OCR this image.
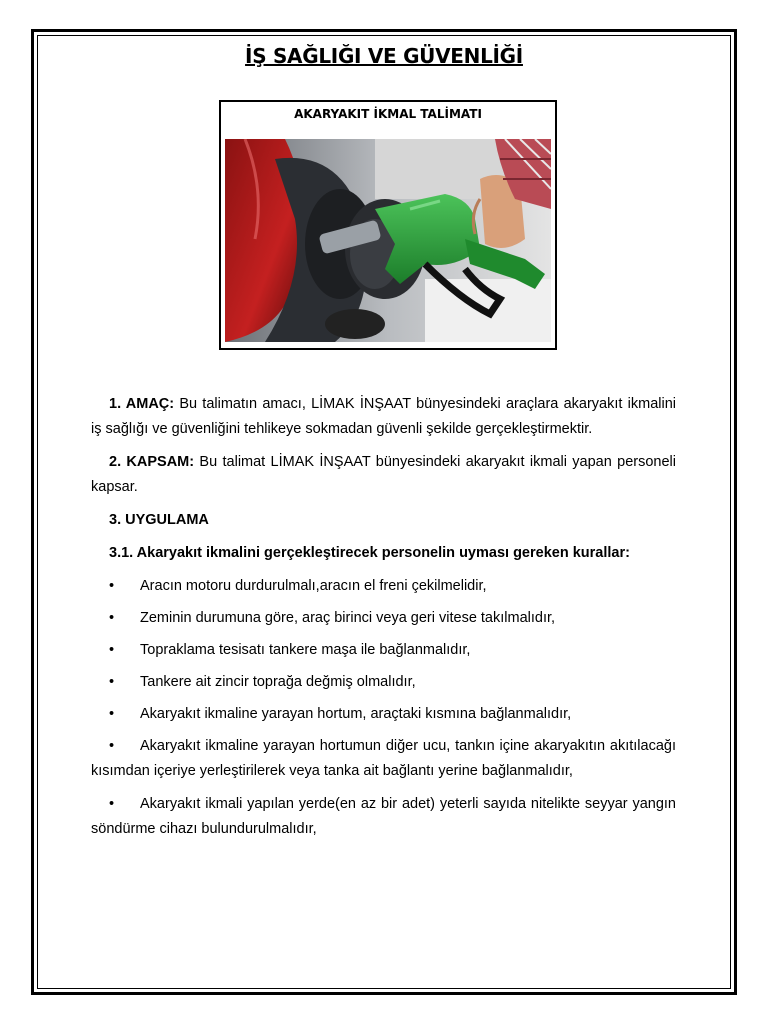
İŞ SAĞLIĞI VE GÜVENLİĞİ
AKARYAKIT İKMAL TALİMATI

1. AMAÇ: Bu talimatın amacı, LİMAK İNŞAAT bünyesindeki araçlara akaryakıt ikmalini iş sağlığı ve güvenliğini tehlikeye sokmadan güvenli şekilde gerçekleştirmektir.

2. KAPSAM: Bu talimat LİMAK İNŞAAT bünyesindeki akaryakıt ikmali yapan personeli kapsar.

3. UYGULAMA
3.1. Akaryakıt ikmalini gerçekleştirecek personelin uyması gereken kurallar:
• Aracın motoru durdurulmalı,aracın el freni çekilmelidir,
• Zeminin durumuna göre, araç birinci veya geri vitese takılmalıdır,
• Topraklama tesisatı tankere maşa ile bağlanmalıdır,
• Tankere ait zincir toprağa değmiş olmalıdır,
• Akaryakıt ikmaline yarayan hortum, araçtaki kısmına bağlanmalıdır,

• Akaryakıt ikmaline yarayan hortumun diğer ucu, tankın içine akaryakıtın akıtılacağı kısımdan içeriye yerleştirilerek veya tanka ait bağlantı yerine bağlanmalıdır,

• Akaryakıt ikmali yapılan yerde(en az bir adet) yeterli sayıda nitelikte seyyar yangın söndürme cihazı bulundurulmalıdır,
